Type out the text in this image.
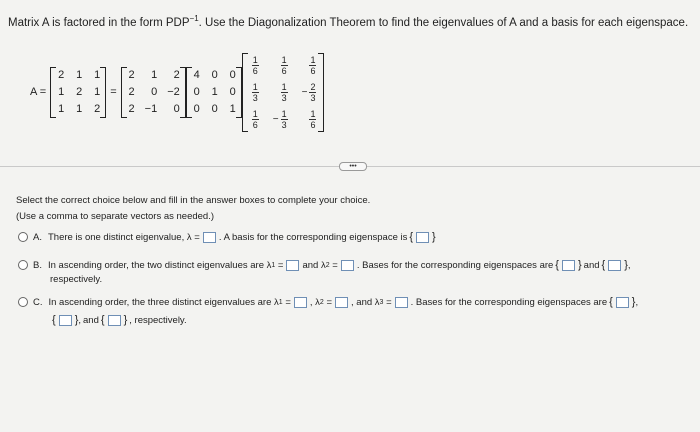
Matrix A is factored in the form $PDP^{-1}$. Use the Diagonalization Theorem to find the eigenvalues of A and a basis for each eigenspace.
A =
2 1 1
1 2 1
1 1 2
=
2	1	2
2	0 −2
2 −1	0
4 0 0
0 1 0
0 0 1
$\frac{1}{6} \frac{1}{6} \frac{1}{6}$
$\frac{1}{3} \frac{1}{3} - \frac{2}{3}$
$\frac{1}{6} - \frac{1}{3} \frac{1}{6}$
•••
Select the correct choice below and fill in the answer boxes to complete your choice.
(Use a comma to separate vectors as needed.)
A. There is one distinct eigenvalue, λ = . A basis for the corresponding eigenspace is { }
B. In ascending order, the two distinct eigenvalues are λ 1
= and λ 2
= . Bases for the corresponding eigenspaces are { } and { } ,
respectively.
C. In ascending order, the three distinct eigenvalues are λ 1
= , λ 2
= , and λ 3
= . Bases for the corresponding eigenspaces are { } ,
{ } , and { } , respectively.
